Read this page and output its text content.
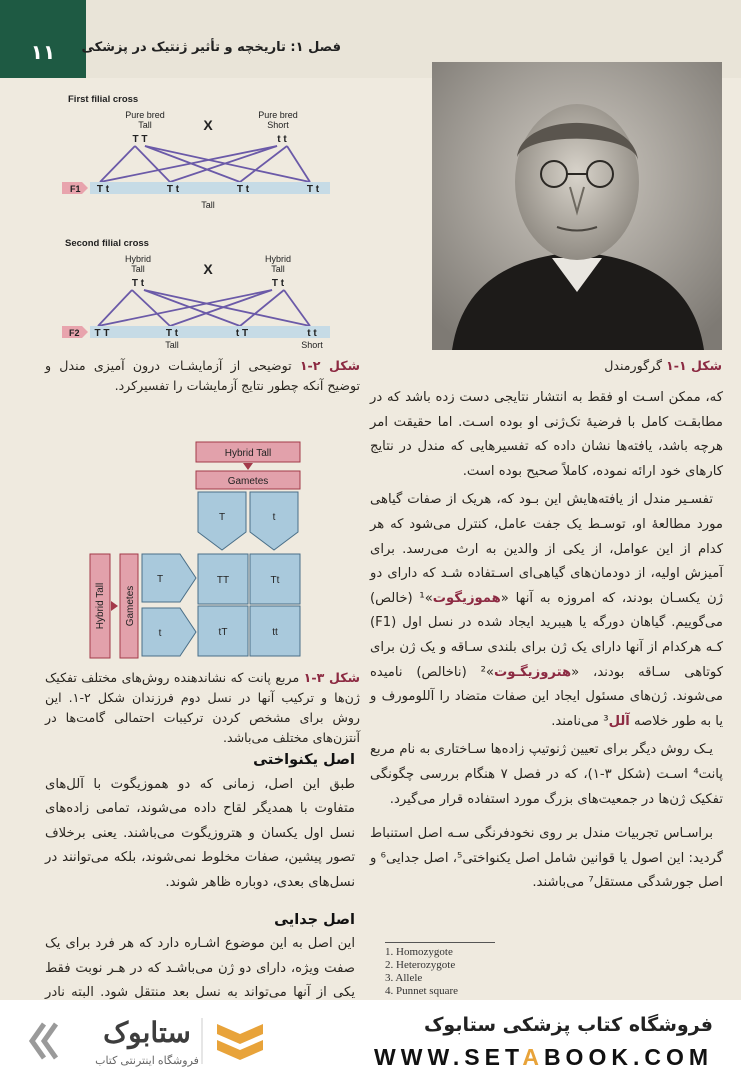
۱۱	فصل ۱: تاریخچه و تأثیر ژنتیک در پزشکی
شکل ۱-۱ گرگورمندل
First filial cross
Pure bred
Tall
T T
X
Pure bred
Short
t t
F1 T t	T t	T t	T t
Tall
Second filial cross
Hybrid
Tall
T t
X
Hybrid
Tall
T t
F2 T T	T t	t T	t t
Tall	Short
شکل ۲-۱ توضیحی از آزمایشـات درون آمیزی مندل و توضیح آنکه چطور نتایج آزمایشات را تفسیرکرد.
Hybrid Tall
Gametes
T	t
Hybrid Tall Gametes
T
t
TT	Tt
tT	tt
شکل ۳-۱ مربع پانت که نشاندهنده روش‌های مختلف تفکیک ژن‌ها و ترکیب آنها در نسل دوم فرزندان شکل ۲-۱. این روش برای مشخص کردن ترکیبات احتمالی گامت‌ها در آنتزن‌های مختلف می‌باشد.
اصل یکنواختی
طبق این اصل، زمانی که دو هموزیگوت با آلل‌های متفاوت با همدیگر لقاح داده می‌شوند، تمامی زاده‌های نسل اول یکسان و هتروزیگوت می‌باشند. یعنی برخلاف تصور پیشین، صفات مخلوط نمی‌شوند، بلکه می‌توانند در نسل‌های بعدی، دوباره ظاهر شوند.
اصل جدایی
این اصل به این موضوع اشـاره دارد که هر فرد برای یک صفت ویژه، دارای دو ژن می‌باشـد که در هـر نوبت فقط یکی از آنها می‌تواند به نسل بعد منتقل شود. البته نادر
که، ممکن اسـت او فقط به انتشار نتایجی دست زده باشد که در مطابقـت کامل با فرضیهٔ تک‌ژنی او بوده اسـت. اما حقیقت امر هرچه باشد، یافته‌ها نشان داده که تفسیرهایی که مندل در نتایج کارهای خود ارائه نموده، کاملاً صحیح بوده است.
تفسـیر مندل از یافته‌هایش این بـود که، هریک از صفات گیاهی مورد مطالعهٔ او، توسـط یک جفت عامل، کنترل می‌شود که هر کدام از این عوامل، از یکی از والدین به ارث می‌رسد. برای آمیزش اولیه، از دودمان‌های گیاهی‌ای اسـتفاده شـد که دارای دو ژن یکسـان بودند، که امروزه به آنها «هموزیگوت»¹ (خالص) می‌گوییم. گیاهان دورگه یا هیبرید ایجاد شده در نسل اول (F1) کـه هرکدام از آنها دارای یک ژن برای بلندی سـاقه و یک ژن برای کوتاهی سـاقه بودند، «هتروزیگـوت»² (ناخالص) نامیده می‌شوند. ژن‌های مسئول ایجاد این صفات متضاد را آللومورف و یا به طور خلاصه آلل³ می‌نامند.
یـک روش دیگر برای تعیین ژنوتیپ زاده‌ها سـاختاری به نام مربع پانت⁴ اسـت (شکل ۳-۱)، که در فصل ۷ هنگام بررسی چگونگی تفکیک ژن‌ها در جمعیت‌های بزرگ مورد استفاده قرار می‌گیرد.
براسـاس تجربیات مندل بر روی نخودفرنگی سـه اصل استنباط گردید: این اصول یا قوانین شامل اصل یکنواختی⁵، اصل جدایی⁶ و اصل جورشدگی مستقل⁷ می‌باشند.
1. Homozygote
2. Heterozygote
3. Allele
4. Punnet square
ستابوک
فروشگاه اینترنتی کتاب
فروشگاه کتاب پزشکی ستابوک
WWW.SETABOOK.COM
